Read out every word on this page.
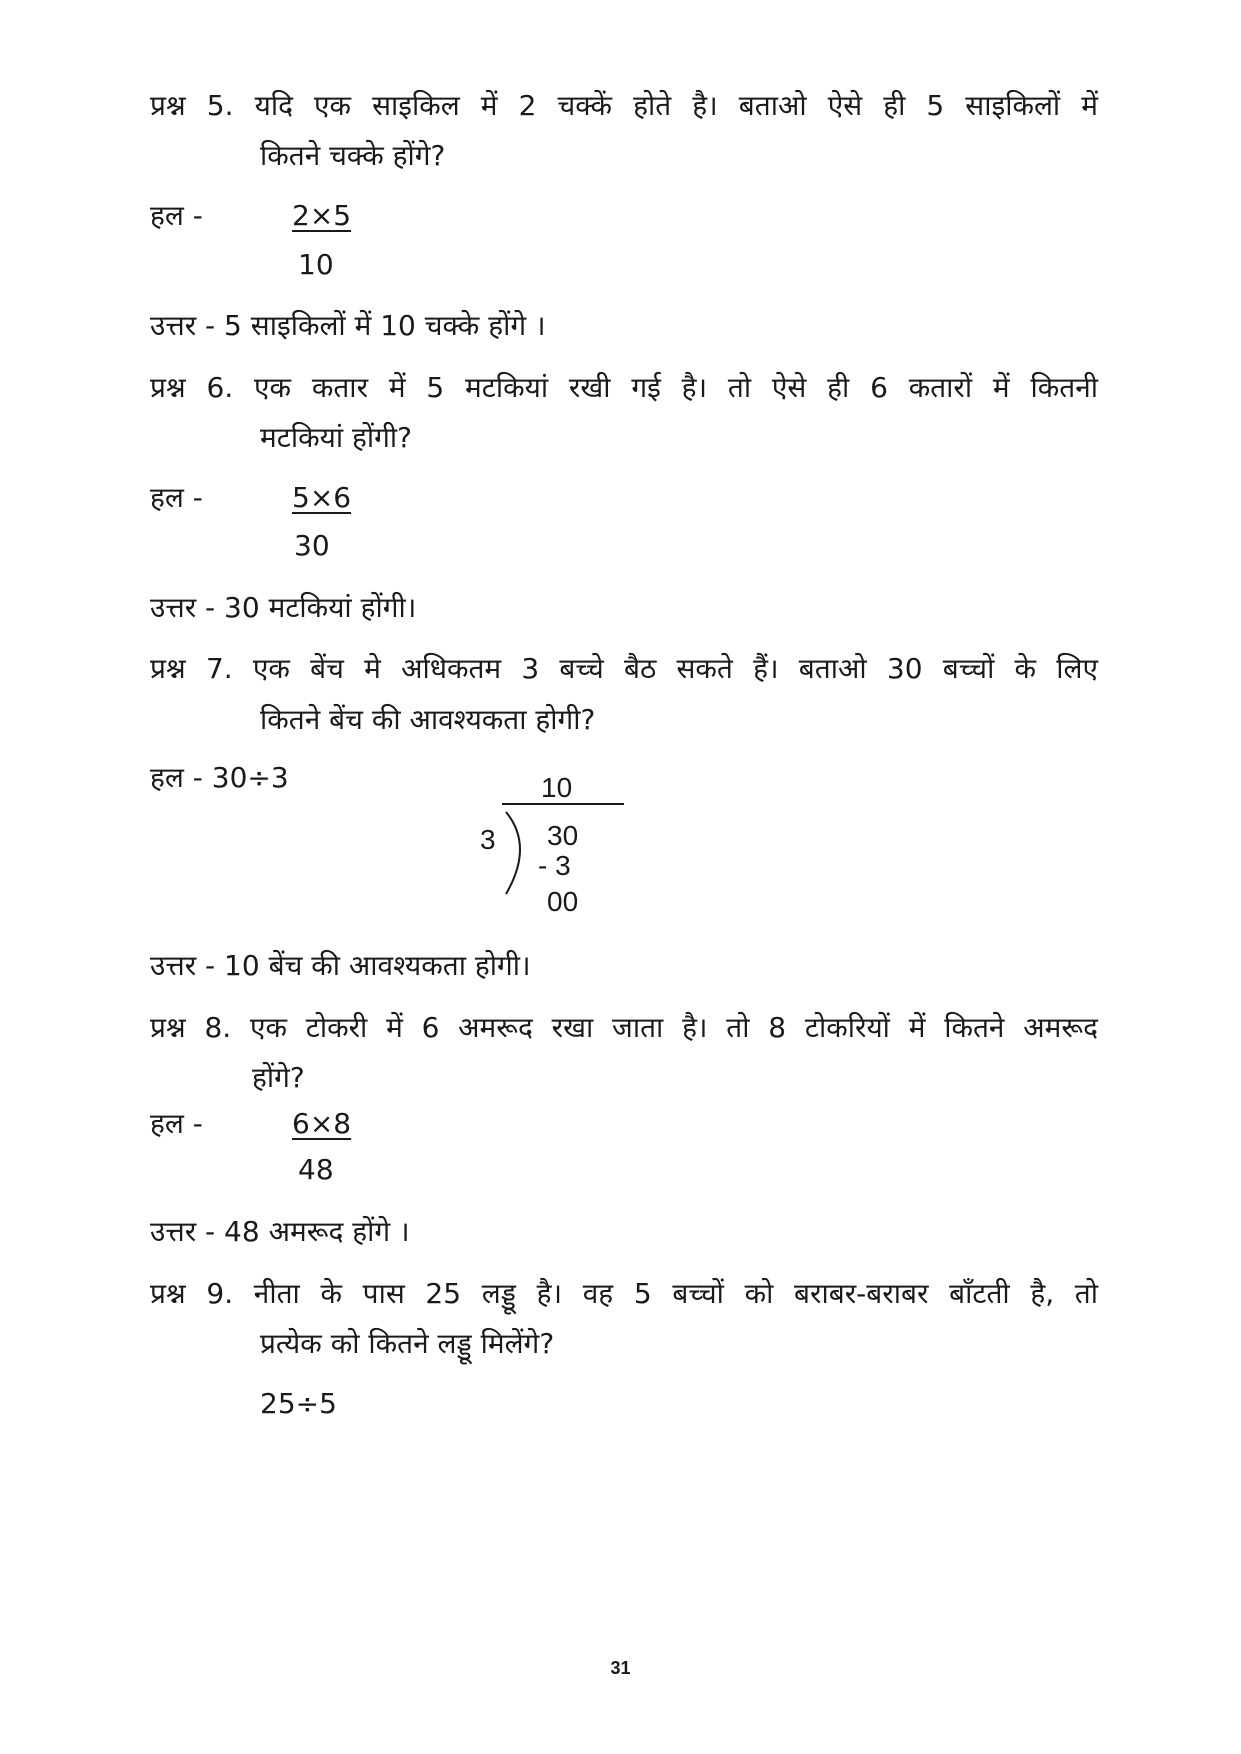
प्रश्न 5. यदि एक साइकिल में 2 चक्कें होते है। बताओ ऐसे ही 5 साइकिलों में
कितने चक्के होंगे?
हल -	2×5
10
उत्तर - 5 साइकिलों में 10 चक्के होंगे ।
प्रश्न 6. एक कतार में 5 मटकियां रखी गई है। तो ऐसे ही 6 कतारों में कितनी
मटकियां होंगी?
हल -	5×6
30
उत्तर - 30 मटकियां होंगी।
प्रश्न 7. एक बेंच मे अधिकतम 3 बच्चे बैठ सकते हैं। बताओ 30 बच्चों के लिए
कितने बेंच की आवश्यकता होगी?
हल - 30÷3	10
3 30
- 3
00
उत्तर - 10 बेंच की आवश्यकता होगी।
प्रश्न 8. एक टोकरी में 6 अमरूद रखा जाता है। तो 8 टोकरियों में कितने अमरूद
होंगे?
हल -	6×8
48
उत्तर - 48 अमरूद होंगे ।
प्रश्न 9. नीता के पास 25 लड्डू है। वह 5 बच्चों को बराबर-बराबर बाँटती है, तो
प्रत्येक को कितने लड्डू मिलेंगे?
25÷5
31
